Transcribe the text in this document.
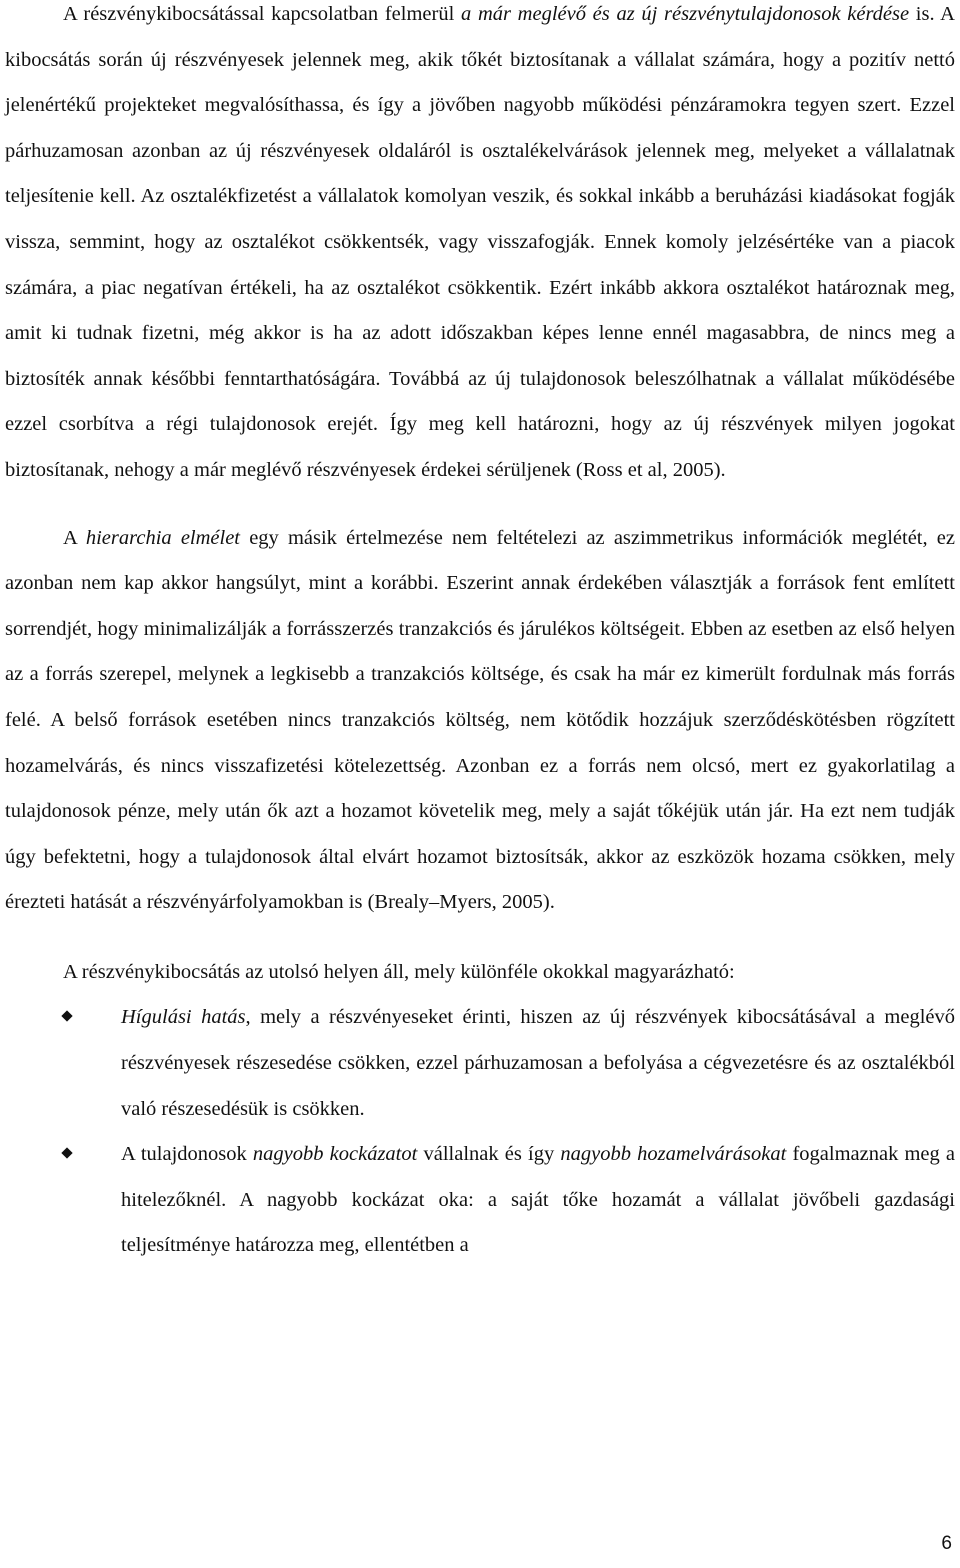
A részvénykibocsátással kapcsolatban felmerül a már meglévő és az új részvénytulajdonosok kérdése is. A kibocsátás során új részvényesek jelennek meg, akik tőkét biztosítanak a vállalat számára, hogy a pozitív nettó jelenértékű projekteket megvalósíthassa, és így a jövőben nagyobb működési pénzáramokra tegyen szert. Ezzel párhuzamosan azonban az új részvényesek oldaláról is osztalékelvárások jelennek meg, melyeket a vállalatnak teljesítenie kell. Az osztalékfizetést a vállalatok komolyan veszik, és sokkal inkább a beruházási kiadásokat fogják vissza, semmint, hogy az osztalékot csökkentsék, vagy visszafogják. Ennek komoly jelzésértéke van a piacok számára, a piac negatívan értékeli, ha az osztalékot csökkentik. Ezért inkább akkora osztalékot határoznak meg, amit ki tudnak fizetni, még akkor is ha az adott időszakban képes lenne ennél magasabbra, de nincs meg a biztosíték annak későbbi fenntarthatóságára. Továbbá az új tulajdonosok beleszólhatnak a vállalat működésébe ezzel csorbítva a régi tulajdonosok erejét. Így meg kell határozni, hogy az új részvények milyen jogokat biztosítanak, nehogy a már meglévő részvényesek érdekei sérüljenek (Ross et al, 2005).

A hierarchia elmélet egy másik értelmezése nem feltételezi az aszimmetrikus információk meglétét, ez azonban nem kap akkor hangsúlyt, mint a korábbi. Eszerint annak érdekében választják a források fent említett sorrendjét, hogy minimalizálják a forrásszerzés tranzakciós és járulékos költségeit. Ebben az esetben az első helyen az a forrás szerepel, melynek a legkisebb a tranzakciós költsége, és csak ha már ez kimerült fordulnak más forrás felé. A belső források esetében nincs tranzakciós költség, nem kötődik hozzájuk szerződéskötésben rögzített hozamelvárás, és nincs visszafizetési kötelezettség. Azonban ez a forrás nem olcsó, mert ez gyakorlatilag a tulajdonosok pénze, mely után ők azt a hozamot követelik meg, mely a saját tőkéjük után jár. Ha ezt nem tudják úgy befektetni, hogy a tulajdonosok által elvárt hozamot biztosítsák, akkor az eszközök hozama csökken, mely érezteti hatását a részvényárfolyamokban is (Brealy–Myers, 2005).

A részvénykibocsátás az utolsó helyen áll, mely különféle okokkal magyarázható:

Hígulási hatás, mely a részvényeseket érinti, hiszen az új részvények kibocsátásával a meglévő részvényesek részesedése csökken, ezzel párhuzamosan a befolyása a cégvezetésre és az osztalékból való részesedésük is csökken.
A tulajdonosok nagyobb kockázatot vállalnak és így nagyobb hozamelvárásokat fogalmaznak meg a hitelezőknél. A nagyobb kockázat oka: a saját tőke hozamát a vállalat jövőbeli gazdasági teljesítménye határozza meg, ellentétben a
6
